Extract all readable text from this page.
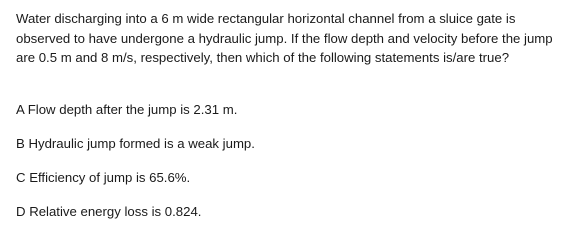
Water discharging into a 6 m wide rectangular horizontal channel from a sluice gate is observed to have undergone a hydraulic jump. If the flow depth and velocity before the jump are 0.5 m and 8 m/s, respectively, then which of the following statements is/are true?

A Flow depth after the jump is 2.31 m.
B Hydraulic jump formed is a weak jump.
C Efficiency of jump is 65.6%.
D Relative energy loss is 0.824.
